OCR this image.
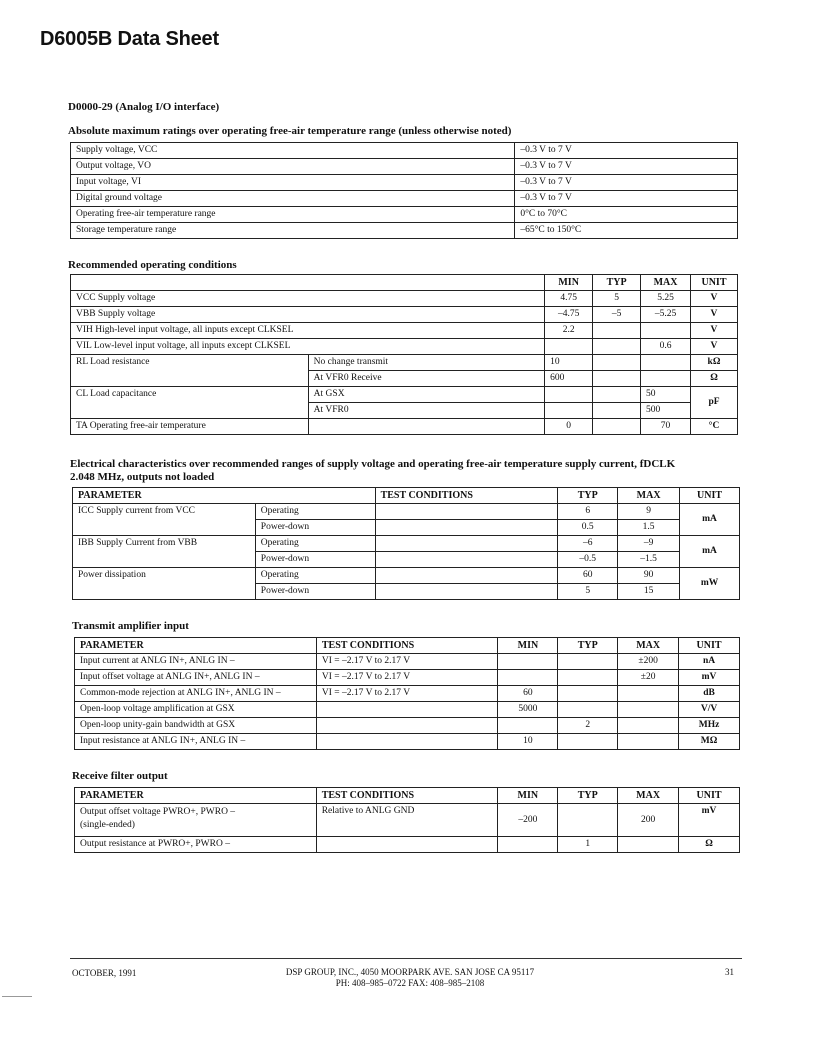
D6005B Data Sheet
D0000-29 (Analog I/O interface)
Absolute maximum ratings over operating free-air temperature range (unless otherwise noted)
Supply voltage, VCC	–0.3 V to 7 V
Output voltage, VO	–0.3 V to 7 V
Input voltage, VI	–0.3 V to 7 V
Digital ground voltage	–0.3 V to 7 V
Operating free-air temperature range	0°C to 70°C
Storage temperature range	–65°C to 150°C
Recommended operating conditions
		MIN	TYP	MAX	UNIT
VCC Supply voltage		4.75	5	5.25	V
VBB Supply voltage		–4.75	–5	–5.25	V
VIH High-level input voltage, all inputs except CLKSEL		2.2			V
VIL Low-level input voltage, all inputs except CLKSEL				0.6	V
RL Load resistance	No change transmit	10			kΩ
	At VFR0 Receive	600			Ω
CL Load capacitance	At GSX			50	pF
	At VFR0			500	
TA Operating free-air temperature		0		70	°C
Electrical characteristics over recommended ranges of supply voltage and operating free-air temperature supply current, fDCLK
2.048 MHz, outputs not loaded
PARAMETER		TEST CONDITIONS	TYP	MAX	UNIT
ICC Supply current from VCC	Operating		6	9	mA
	Power-down		0.5	1.5	
IBB Supply Current from VBB	Operating		–6	–9	mA
	Power-down		–0.5	–1.5	
Power dissipation	Operating		60	90	mW
	Power-down		5	15	
Transmit amplifier input
PARAMETER	TEST CONDITIONS	MIN	TYP	MAX	UNIT
Input current at ANLG IN+, ANLG IN –	VI = –2.17 V to 2.17 V			±200	nA
Input offset voltage at ANLG IN+, ANLG IN –	VI = –2.17 V to 2.17 V			±20	mV
Common-mode rejection at ANLG IN+, ANLG IN –	VI = –2.17 V to 2.17 V	60			dB
Open-loop voltage amplification at GSX		5000			V/V
Open-loop unity-gain bandwidth at GSX			2		MHz
Input resistance at ANLG IN+, ANLG IN –		10			MΩ
Receive filter output
PARAMETER	TEST CONDITIONS	MIN	TYP	MAX	UNIT

Output offset voltage PWRO+, PWRO –
(single-ended)	Relative to ANLG GND	–200		200	mV
Output resistance at PWRO+, PWRO –			1		Ω
OCTOBER, 1991	DSP GROUP, INC., 4050 MOORPARK AVE. SAN JOSE CA 95117
PH: 408–985–0722 FAX: 408–985–2108
31
